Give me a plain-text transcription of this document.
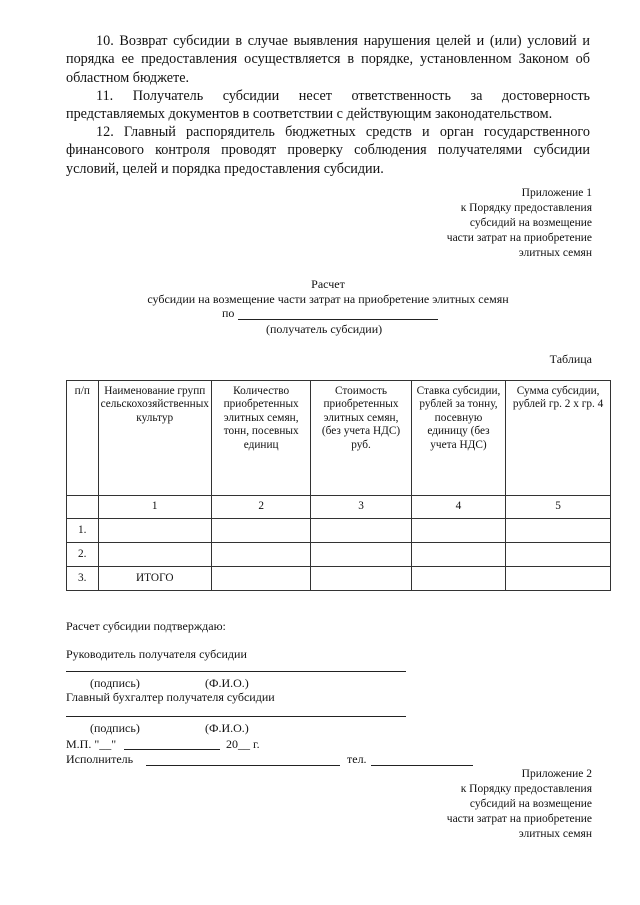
10. Возврат субсидии в случае выявления нарушения целей и (или) условий и порядка ее предоставления осуществляется в порядке, установленном Законом об областном бюджете.

11. Получатель субсидии несет ответственность за достоверность представляемых документов в соответствии с действующим законодательством.

12. Главный распорядитель бюджетных средств и орган государственного финансового контроля проводят проверку соблюдения получателями субсидии условий, целей и порядка предоставления субсидии.

Приложение 1
к Порядку предоставления
субсидий на возмещение
части затрат на приобретение
элитных семян
Расчет
субсидии на возмещение части затрат на приобретение элитных семян
по
(получатель субсидии)
Таблица
п/п	Наименование групп сельскохозяйственных культур	Количество приобретенных элитных семян, тонн, посевных единиц	Стоимость приобретенных элитных семян, (без учета НДС) руб.	Ставка субсидии, рублей за тонну, посевную единицу (без учета НДС)	Сумма субсидии, рублей гр. 2 х гр. 4
	1	2	3	4	5
1.					
2.					
3.	ИТОГО				
Расчет субсидии подтверждаю:
Руководитель получателя субсидии
(подпись)	(Ф.И.О.)
Главный бухгалтер получателя субсидии
(подпись)	(Ф.И.О.)
М.П. "__"	20__ г.
Исполнитель	тел.
Приложение 2
к Порядку предоставления
субсидий на возмещение
части затрат на приобретение
элитных семян
